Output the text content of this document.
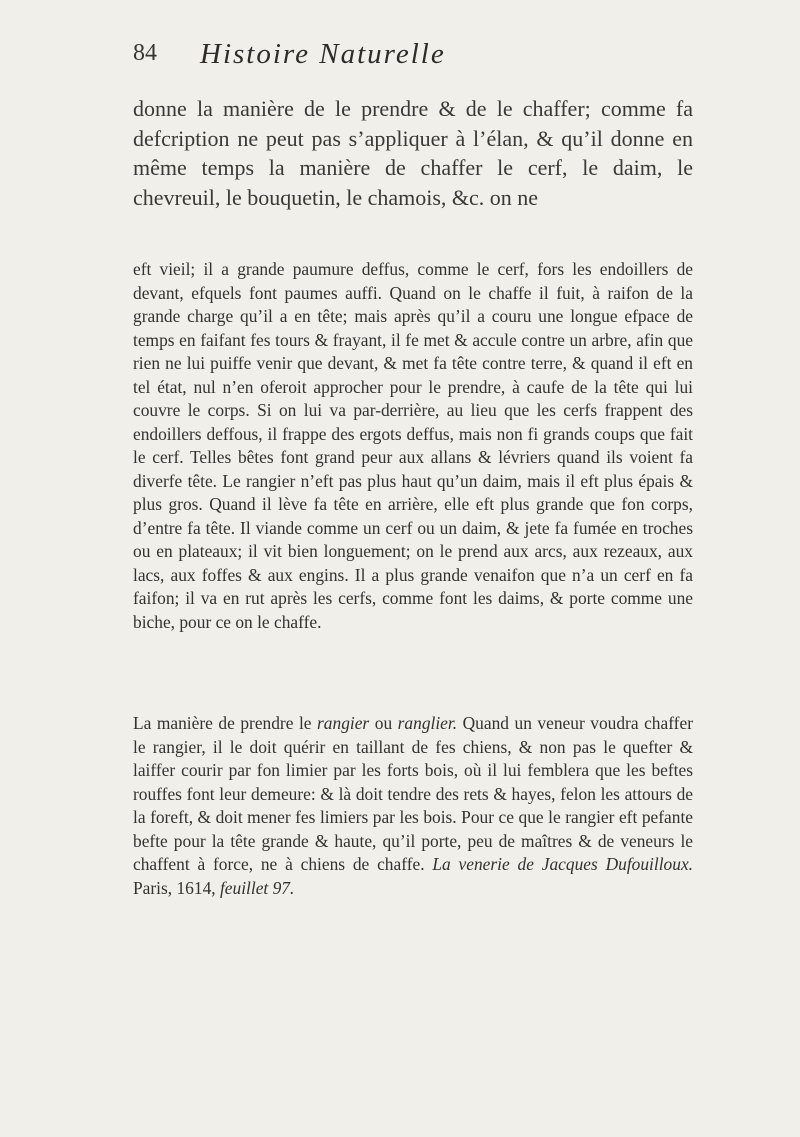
84 Histoire Naturelle

donne la manière de le prendre & de le chaffer; comme fa defcription ne peut pas s’appliquer à l’élan, & qu’il donne en même temps la manière de chaffer le cerf, le daim, le chevreuil, le bouquetin, le chamois, &c. on ne

eft vieil; il a grande paumure deffus, comme le cerf, fors les endoillers de devant, efquels font paumes auffi. Quand on le chaffe il fuit, à raifon de la grande charge qu’il a en tête; mais après qu’il a couru une longue efpace de temps en faifant fes tours & frayant, il fe met & accule contre un arbre, afin que rien ne lui puiffe venir que devant, & met fa tête contre terre, & quand il eft en tel état, nul n’en oferoit approcher pour le prendre, à caufe de la tête qui lui couvre le corps. Si on lui va par-derrière, au lieu que les cerfs frappent des endoillers deffous, il frappe des ergots deffus, mais non fi grands coups que fait le cerf. Telles bêtes font grand peur aux allans & lévriers quand ils voient fa diverfe tête. Le rangier n’eft pas plus haut qu’un daim, mais il eft plus épais & plus gros. Quand il lève fa tête en arrière, elle eft plus grande que fon corps, d’entre fa tête. Il viande comme un cerf ou un daim, & jete fa fumée en troches ou en plateaux; il vit bien longuement; on le prend aux arcs, aux rezeaux, aux lacs, aux foffes & aux engins. Il a plus grande venaifon que n’a un cerf en fa faifon; il va en rut après les cerfs, comme font les daims, & porte comme une biche, pour ce on le chaffe.

La manière de prendre le rangier ou ranglier. Quand un veneur voudra chaffer le rangier, il le doit quérir en taillant de fes chiens, & non pas le quefter & laiffer courir par fon limier par les forts bois, où il lui femblera que les beftes rouffes font leur demeure: & là doit tendre des rets & hayes, felon les attours de la foreft, & doit mener fes limiers par les bois. Pour ce que le rangier eft pefante befte pour la tête grande & haute, qu’il porte, peu de maîtres & de veneurs le chaffent à force, ne à chiens de chaffe. La venerie de Jacques Dufouilloux. Paris, 1614, feuillet 97.
